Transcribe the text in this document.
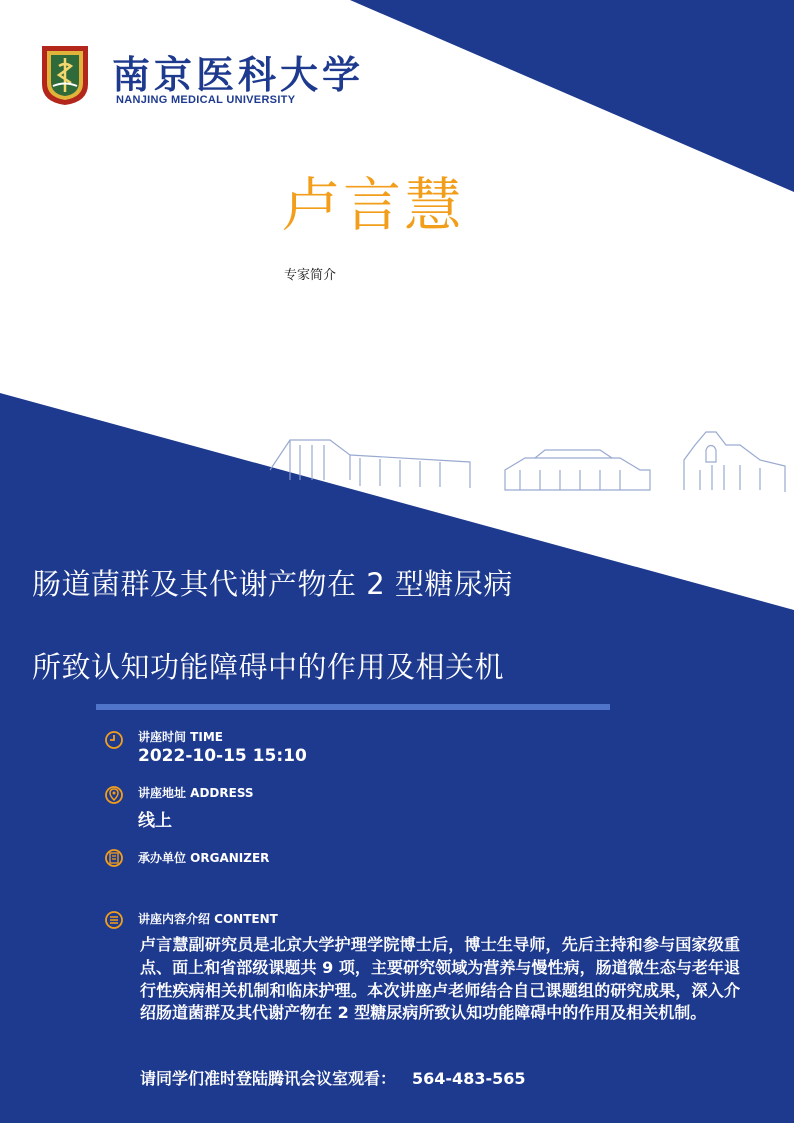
南京医科大学
NANJING MEDICAL UNIVERSITY
卢言慧
专家简介
肠道菌群及其代谢产物在 2 型糖尿病
所致认知功能障碍中的作用及相关机
讲座时间 TIME
2022-10-15 15:10
讲座地址 ADDRESS
线上
承办单位 ORGANIZER
讲座内容介绍 CONTENT
卢言慧副研究员是北京大学护理学院博士后，博士生导师，先后主持和参与国家级重点、面上和省部级课题共 9 项，主要研究领域为营养与慢性病，肠道微生态与老年退行性疾病相关机制和临床护理。本次讲座卢老师结合自己课题组的研究成果，深入介绍肠道菌群及其代谢产物在 2 型糖尿病所致认知功能障碍中的作用及相关机制。
请同学们准时登陆腾讯会议室观看： 564-483-565
